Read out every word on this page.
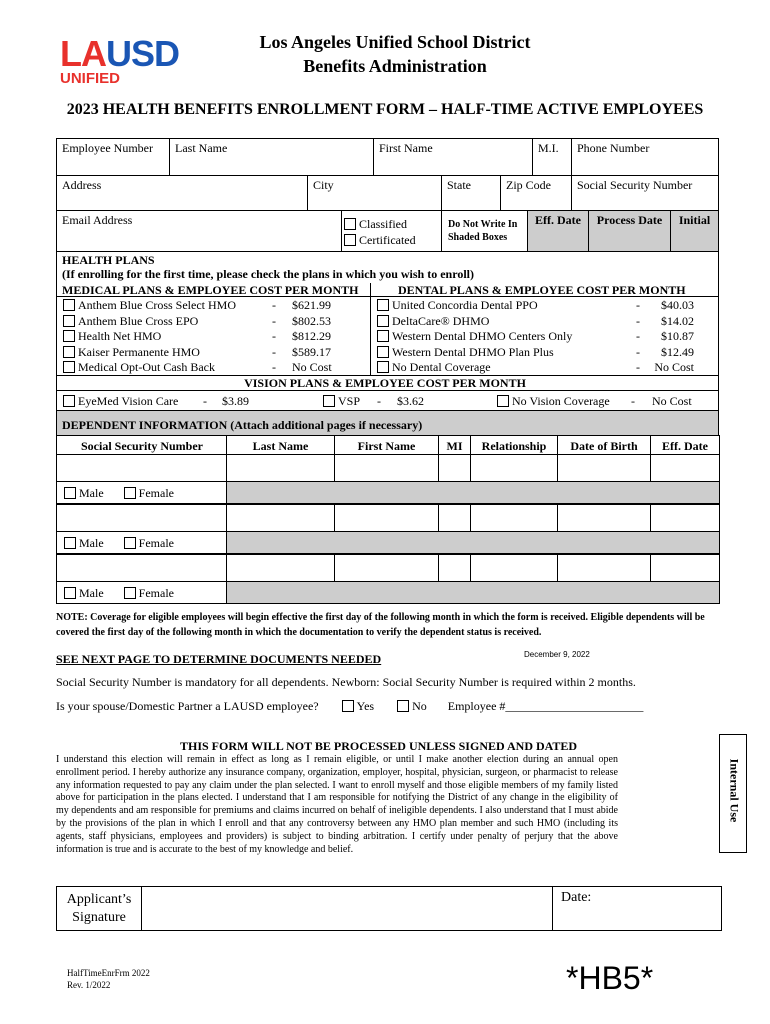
LAUSD
UNIFIED
Los Angeles Unified School District
Benefits Administration
2023 HEALTH BENEFITS ENROLLMENT FORM – HALF-TIME ACTIVE EMPLOYEES
Employee Number	Last Name	First Name	M.I.	Phone Number
Address	City	State	Zip Code	Social Security Number
Email Address	Classified
Certificated
Do Not Write In
Shaded Boxes
Eff. Date	Process Date	Initial
HEALTH PLANS
(If enrolling for the first time, please check the plans in which you wish to enroll)
MEDICAL PLANS & EMPLOYEE COST PER MONTH	DENTAL PLANS & EMPLOYEE COST PER MONTH
Anthem Blue Cross Select HMO	- $621.99
Anthem Blue Cross EPO	- $802.53
Health Net HMO	- $812.29
Kaiser Permanente HMO	- $589.17
Medical Opt-Out Cash Back	- No Cost
United Concordia Dental PPO	- $40.03
DeltaCare® DHMO	- $14.02
Western Dental DHMO Centers Only	- $10.87
Western Dental DHMO Plan Plus	- $12.49
No Dental Coverage	- No Cost
VISION PLANS & EMPLOYEE COST PER MONTH
EyeMed Vision Care - $3.89	VSP - $3.62	No Vision Coverage - No Cost
DEPENDENT INFORMATION (Attach additional pages if necessary)
Social Security Number	Last Name	First Name	MI	Relationship	Date of Birth	Eff. Date
Male	Female
Male	Female
Male	Female
NOTE: Coverage for eligible employees will begin effective the first day of the following month in which the form is received. Eligible dependents will be covered the first day of the following month in which the documentation to verify the dependent status is received.
SEE NEXT PAGE TO DETERMINE DOCUMENTS NEEDED	December 9, 2022
Social Security Number is mandatory for all dependents. Newborn: Social Security Number is required within 2 months.
Is your spouse/Domestic Partner a LAUSD employee?	Yes	No Employee #_______________________
THIS FORM WILL NOT BE PROCESSED UNLESS SIGNED AND DATED
I understand this election will remain in effect as long as I remain eligible, or until I make another election during an annual open enrollment period. I hereby authorize any insurance company, organization, employer, hospital, physician, surgeon, or pharmacist to release any information requested to pay any claim under the plan selected. I want to enroll myself and those eligible members of my family listed above for participation in the plans elected. I understand that I am responsible for notifying the District of any change in the eligibility of my dependents and am responsible for premiums and claims incurred on behalf of ineligible dependents. I also understand that I must abide by the provisions of the plan in which I enroll and that any controversy between any HMO plan member and such HMO (including its agents, staff physicians, employees and providers) is subject to binding arbitration. I certify under penalty of perjury that the above information is true and is accurate to the best of my knowledge and belief.
Internal Use
Applicant’s Signature
Date:
HalfTimeEnrFrm 2022
Rev. 1/2022	*HB5*
